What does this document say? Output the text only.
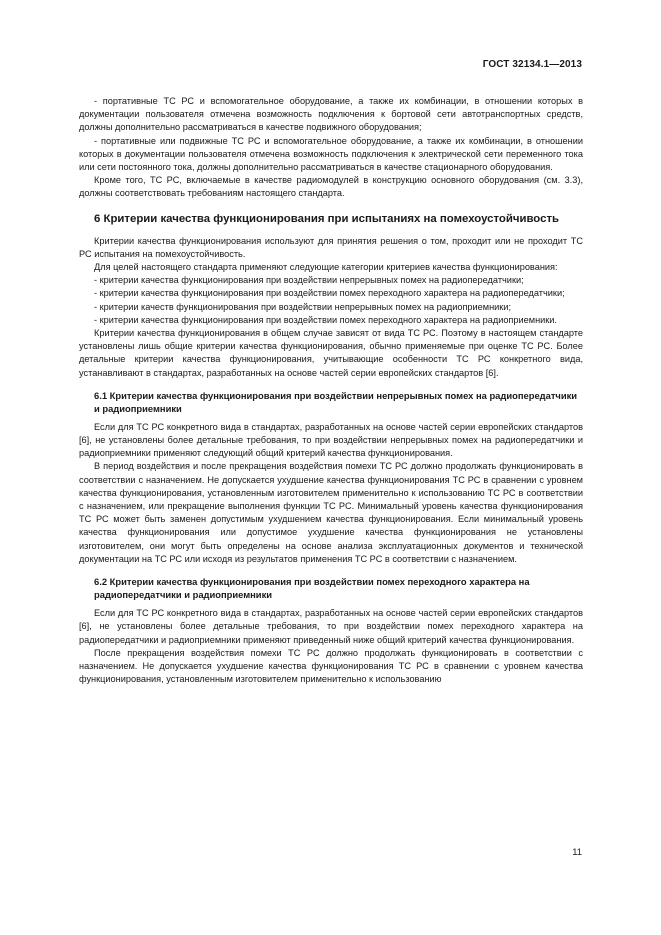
ГОСТ 32134.1—2013

- портативные ТС РС и вспомогательное оборудование, а также их комбинации, в отношении которых в документации пользователя отмечена возможность подключения к бортовой сети автотранспортных средств, должны дополнительно рассматриваться в качестве подвижного оборудования;

- портативные или подвижные ТС РС и вспомогательное оборудование, а также их комбинации, в отношении которых в документации пользователя отмечена возможность подключения к электрической сети переменного тока или сети постоянного тока, должны дополнительно рассматриваться в качестве стационарного оборудования.

Кроме того, ТС РС, включаемые в качестве радиомодулей в конструкцию основного оборудования (см. 3.3), должны соответствовать требованиям настоящего стандарта.

6 Критерии качества функционирования при испытаниях на помехоустойчивость

Критерии качества функционирования используют для принятия решения о том, проходит или не проходит ТС РС испытания на помехоустойчивость.

Для целей настоящего стандарта применяют следующие категории критериев качества функционирования:

- критерии качества функционирования при воздействии непрерывных помех на радиопередатчики;

- критерии качества функционирования при воздействии помех переходного характера на радиопередатчики;

- критерии качеств функционирования при воздействии непрерывных помех на радиоприемники;

- критерии качества функционирования при воздействии помех переходного характера на радиоприемники.

Критерии качества функционирования в общем случае зависят от вида ТС РС. Поэтому в настоящем стандарте установлены лишь общие критерии качества функционирования, обычно применяемые при оценке ТС РС. Более детальные критерии качества функционирования, учитывающие особенности ТС РС конкретного вида, устанавливают в стандартах, разработанных на основе частей серии европейских стандартов [6].

6.1 Критерии качества функционирования при воздействии непрерывных помех на радиопередатчики и радиоприемники

Если для ТС РС конкретного вида в стандартах, разработанных на основе частей серии европейских стандартов [6], не установлены более детальные требования, то при воздействии непрерывных помех на радиопередатчики и радиоприемники применяют следующий общий критерий качества функционирования.

В период воздействия и после прекращения воздействия помехи ТС РС должно продолжать функционировать в соответствии с назначением. Не допускается ухудшение качества функционирования ТС РС в сравнении с уровнем качества функционирования, установленным изготовителем применительно к использованию ТС РС в соответствии с назначением, или прекращение выполнения функции ТС РС. Минимальный уровень качества функционирования ТС РС может быть заменен допустимым ухудшением качества функционирования. Если минимальный уровень качества функционирования или допустимое ухудшение качества функционирования не установлены изготовителем, они могут быть определены на основе анализа эксплуатационных документов и технической документации на ТС РС или исходя из результатов применения ТС РС в соответствии с назначением.

6.2 Критерии качества функционирования при воздействии помех переходного характера на радиопередатчики и радиоприемники

Если для ТС РС конкретного вида в стандартах, разработанных на основе частей серии европейских стандартов [6], не установлены более детальные требования, то при воздействии помех переходного характера на радиопередатчики и радиоприемники применяют приведенный ниже общий критерий качества функционирования.

После прекращения воздействия помехи ТС РС должно продолжать функционировать в соответствии с назначением. Не допускается ухудшение качества функционирования ТС РС в сравнении с уровнем качества функционирования, установленным изготовителем применительно к использованию

11
